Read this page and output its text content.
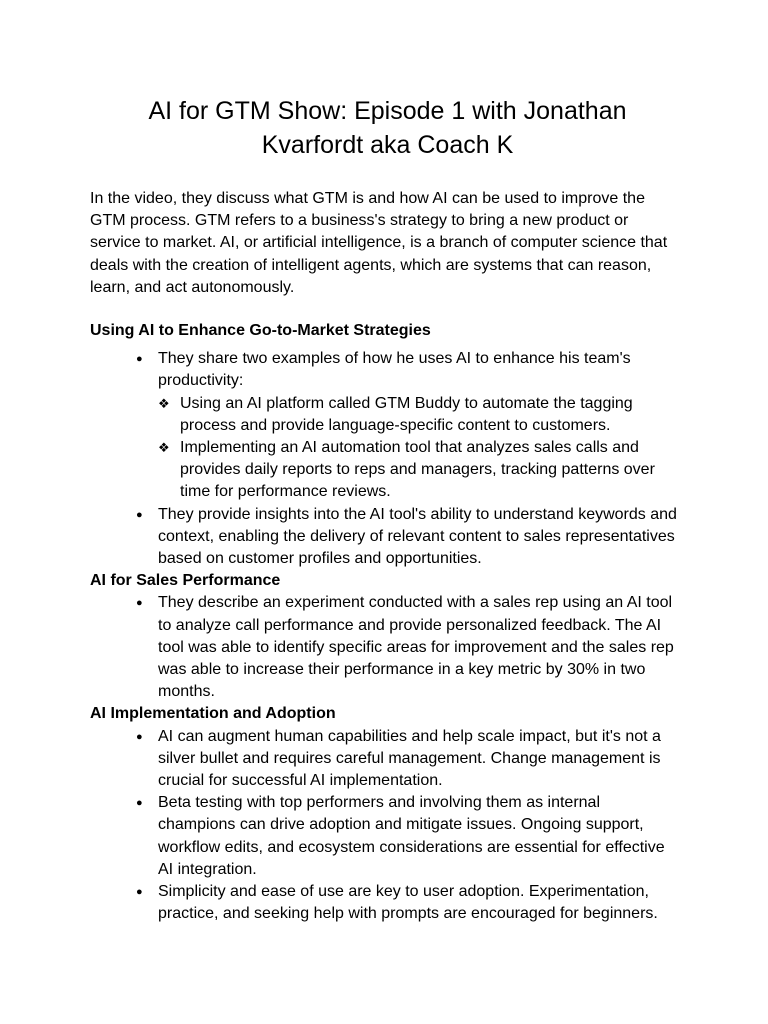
AI for GTM Show: Episode 1 with Jonathan
Kvarfordt aka Coach K

In the video, they discuss what GTM is and how AI can be used to improve the GTM process. GTM refers to a business's strategy to bring a new product or service to market. AI, or artificial intelligence, is a branch of computer science that deals with the creation of intelligent agents, which are systems that can reason, learn, and act autonomously.

Using AI to Enhance Go-to-Market Strategies
● They share two examples of how he uses AI to enhance his team's productivity:
❖ Using an AI platform called GTM Buddy to automate the tagging process and provide language-specific content to customers.
❖ Implementing an AI automation tool that analyzes sales calls and provides daily reports to reps and managers, tracking patterns over time for performance reviews.
● They provide insights into the AI tool's ability to understand keywords and context, enabling the delivery of relevant content to sales representatives based on customer profiles and opportunities.
AI for Sales Performance
● They describe an experiment conducted with a sales rep using an AI tool to analyze call performance and provide personalized feedback. The AI tool was able to identify specific areas for improvement and the sales rep was able to increase their performance in a key metric by 30% in two months.
AI Implementation and Adoption
● AI can augment human capabilities and help scale impact, but it's not a silver bullet and requires careful management. Change management is crucial for successful AI implementation.
● Beta testing with top performers and involving them as internal champions can drive adoption and mitigate issues. Ongoing support, workflow edits, and ecosystem considerations are essential for effective AI integration.
● Simplicity and ease of use are key to user adoption. Experimentation, practice, and seeking help with prompts are encouraged for beginners.
